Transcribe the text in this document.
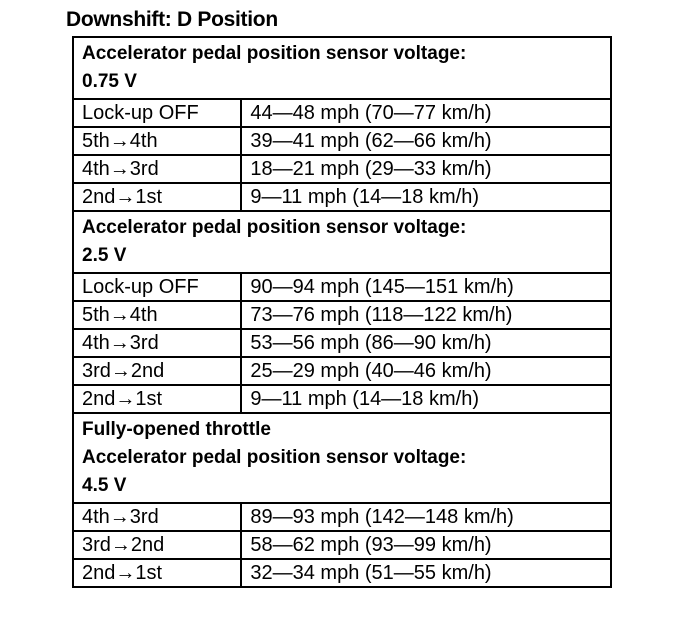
Downshift: D Position
Accelerator pedal position sensor voltage:
0.75 V	

Lock-up OFF	44—48 mph (70—77 km/h)
5th→4th	39—41 mph (62—66 km/h)
4th→3rd	18—21 mph (29—33 km/h)
2nd→1st	9—11 mph (14—18 km/h)

Accelerator pedal position sensor voltage:
2.5 V	

Lock-up OFF	90—94 mph (145—151 km/h)
5th→4th	73—76 mph (118—122 km/h)
4th→3rd	53—56 mph (86—90 km/h)
3rd→2nd	25—29 mph (40—46 km/h)
2nd→1st	9—11 mph (14—18 km/h)

Fully-opened throttle
Accelerator pedal position sensor voltage:
4.5 V	

4th→3rd	89—93 mph (142—148 km/h)
3rd→2nd	58—62 mph (93—99 km/h)
2nd→1st	32—34 mph (51—55 km/h)
